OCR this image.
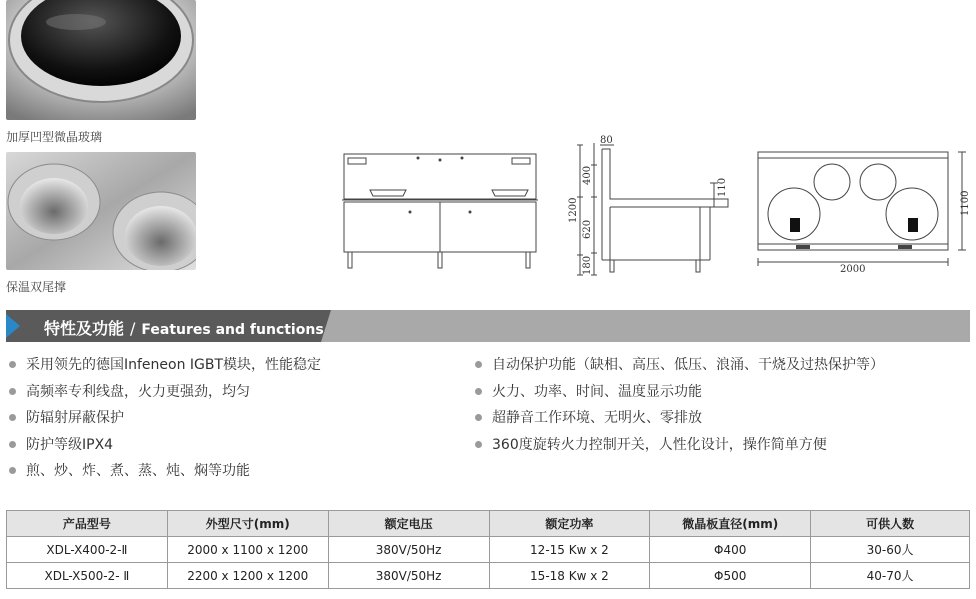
加厚凹型微晶玻璃
保温双尾撑
80
400
1200
620
180
110
2000
1100
特性及功能 / Features and functions
采用领先的德国Infeneon IGBT模块，性能稳定
高频率专利线盘，火力更强劲，均匀
防辐射屏蔽保护
防护等级IPX4
煎、炒、炸、煮、蒸、炖、焖等功能
自动保护功能（缺相、高压、低压、浪涌、干烧及过热保护等）
火力、功率、时间、温度显示功能
超静音工作环境、无明火、零排放
360度旋转火力控制开关，人性化设计，操作简单方便
产品型号	外型尺寸(mm)	额定电压	额定功率	微晶板直径(mm)	可供人数
XDL-X400-2-Ⅱ	2000 x 1100 x 1200	380V/50Hz	12-15 Kw x 2	Φ400	30-60人
XDL-X500-2- Ⅱ	2200 x 1200 x 1200	380V/50Hz	15-18 Kw x 2	Φ500	40-70人
